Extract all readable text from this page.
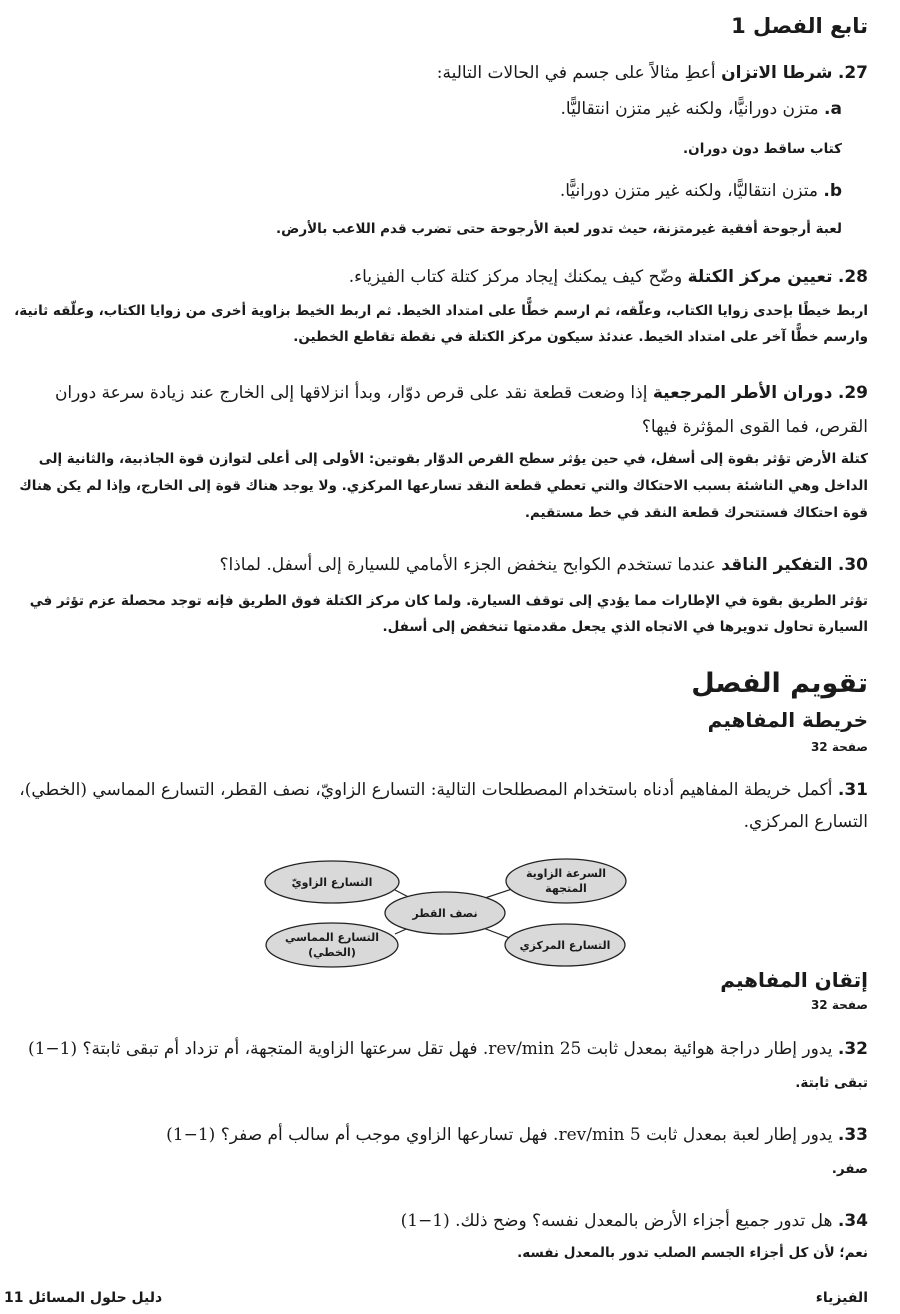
تابع الفصل 1
27. شرطا الاتزان أعطِ مثالاً على جسم في الحالات التالية:
a. متزن دورانيًّا، ولكنه غير متزن انتقاليًّا.
كتاب ساقط دون دوران.
b. متزن انتقاليًّا، ولكنه غير متزن دورانيًّا.
لعبة أرجوحة أفقية غيرمتزنة، حيث تدور لعبة الأرجوحة حتى تضرب قدم اللاعب بالأرض.
28. تعيين مركز الكتلة وضّح كيف يمكنك إيجاد مركز كتلة كتاب الفيزياء.
اربط خيطًا بإحدى زوايا الكتاب، وعلّقه، ثم ارسم خطًّا على امتداد الخيط. ثم اربط الخيط بزاوية أخرى من زوايا الكتاب، وعلّقه ثانية، وارسم خطًّا آخر على امتداد الخيط. عندئذ سيكون مركز الكتلة في نقطة تقاطع الخطين.
29. دوران الأطر المرجعية إذا وضعت قطعة نقد على قرص دوّار، وبدأ انزلاقها إلى الخارج عند زيادة سرعة دوران القرص، فما القوى المؤثرة فيها؟
كتلة الأرض تؤثر بقوة إلى أسفل، في حين يؤثر سطح القرص الدوّار بقوتين: الأولى إلى أعلى لتوازن قوة الجاذبية، والثانية إلى الداخل وهي الناشئة بسبب الاحتكاك والتي تعطي قطعة النقد تسارعها المركزي. ولا يوجد هناك قوة إلى الخارج، وإذا لم يكن هناك قوة احتكاك فستتحرك قطعة النقد في خط مستقيم.
30. التفكير الناقد عندما تستخدم الكوابح ينخفض الجزء الأمامي للسيارة إلى أسفل. لماذا؟
تؤثر الطريق بقوة في الإطارات مما يؤدي إلى توقف السيارة. ولما كان مركز الكتلة فوق الطريق فإنه توجد محصلة عزم تؤثر في السيارة تحاول تدويرها في الاتجاه الذي يجعل مقدمتها تنخفض إلى أسفل.
تقويم الفصل
خريطة المفاهيم
صفحة 32
31. أكمل خريطة المفاهيم أدناه باستخدام المصطلحات التالية: التسارع الزاويّ، نصف القطر، التسارع المماسي (الخطي)، التسارع المركزي.
التسارع الزاويّ
السرعة الزاوية
المتجهة
نصف القطر
التسارع المماسي
(الخطي)
التسارع المركزي
إتقان المفاهيم
صفحة 32
32. يدور إطار دراجة هوائية بمعدل ثابت 25 rev/min. فهل تقل سرعتها الزاوية المتجهة، أم تزداد أم تبقى ثابتة؟ (1−1)
تبقى ثابتة.
33. يدور إطار لعبة بمعدل ثابت 5 rev/min. فهل تسارعها الزاوي موجب أم سالب أم صفر؟ (1−1)
صفر.
34. هل تدور جميع أجزاء الأرض بالمعدل نفسه؟ وضح ذلك. (1−1)
نعم؛ لأن كل أجزاء الجسم الصلب تدور بالمعدل نفسه.
الفيزياء
دليل حلول المسائل 11
